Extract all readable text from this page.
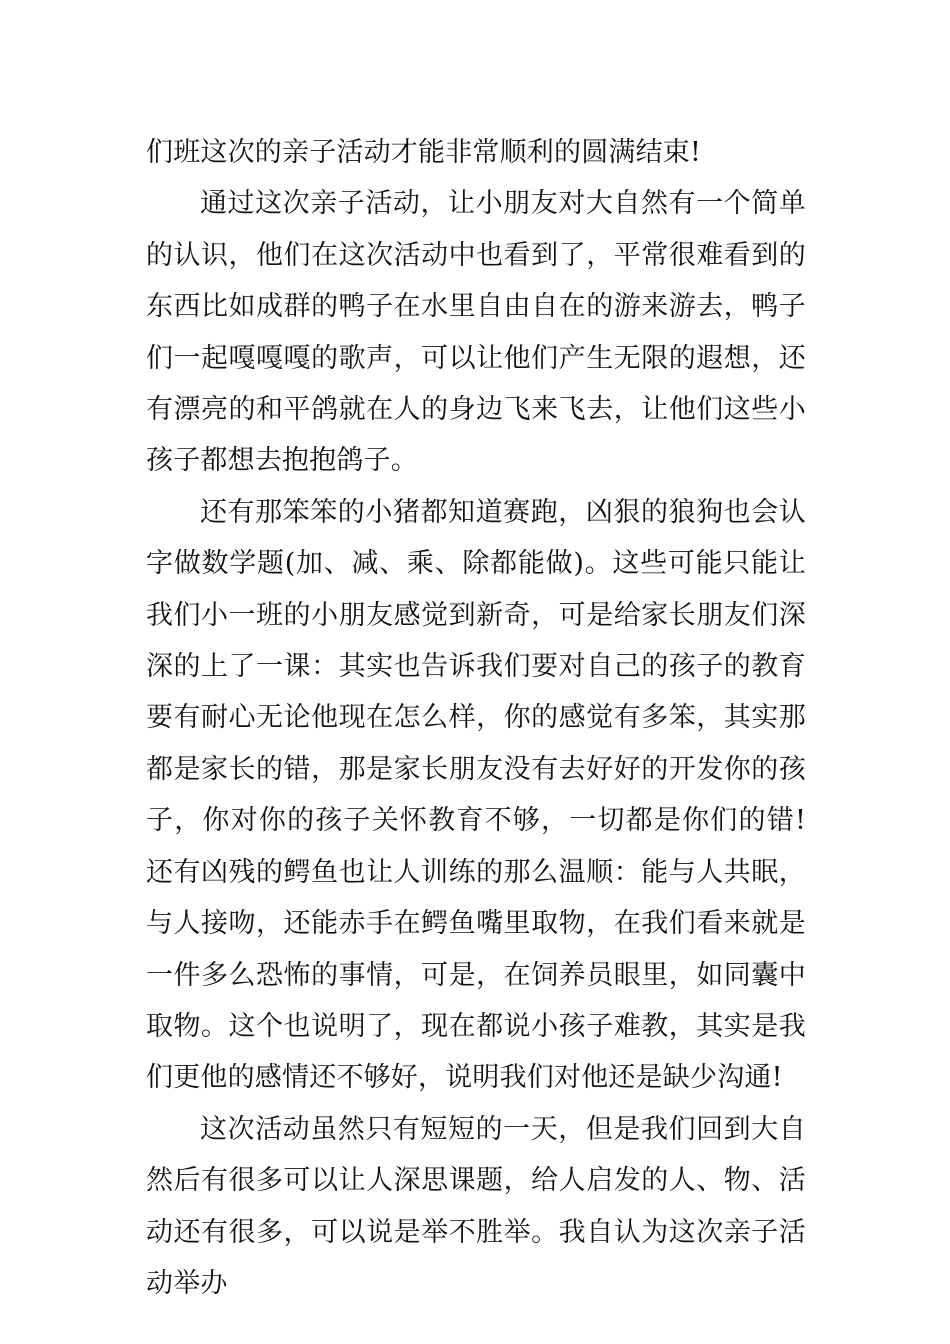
们班这次的亲子活动才能非常顺利的圆满结束!

通过这次亲子活动，让小朋友对大自然有一个简单的认识，他们在这次活动中也看到了，平常很难看到的东西比如成群的鸭子在水里自由自在的游来游去，鸭子们一起嘎嘎嘎的歌声，可以让他们产生无限的遐想，还有漂亮的和平鸽就在人的身边飞来飞去，让他们这些小孩子都想去抱抱鸽子。

还有那笨笨的小猪都知道赛跑，凶狠的狼狗也会认字做数学题(加、减、乘、除都能做)。这些可能只能让我们小一班的小朋友感觉到新奇，可是给家长朋友们深深的上了一课：其实也告诉我们要对自己的孩子的教育要有耐心无论他现在怎么样，你的感觉有多笨，其实那都是家长的错，那是家长朋友没有去好好的开发你的孩子，你对你的孩子关怀教育不够，一切都是你们的错!还有凶残的鳄鱼也让人训练的那么温顺：能与人共眠，与人接吻，还能赤手在鳄鱼嘴里取物，在我们看来就是一件多么恐怖的事情，可是，在饲养员眼里，如同囊中取物。这个也说明了，现在都说小孩子难教，其实是我们更他的感情还不够好，说明我们对他还是缺少沟通!

这次活动虽然只有短短的一天，但是我们回到大自然后有很多可以让人深思课题，给人启发的人、物、活动还有很多，可以说是举不胜举。我自认为这次亲子活动举办
